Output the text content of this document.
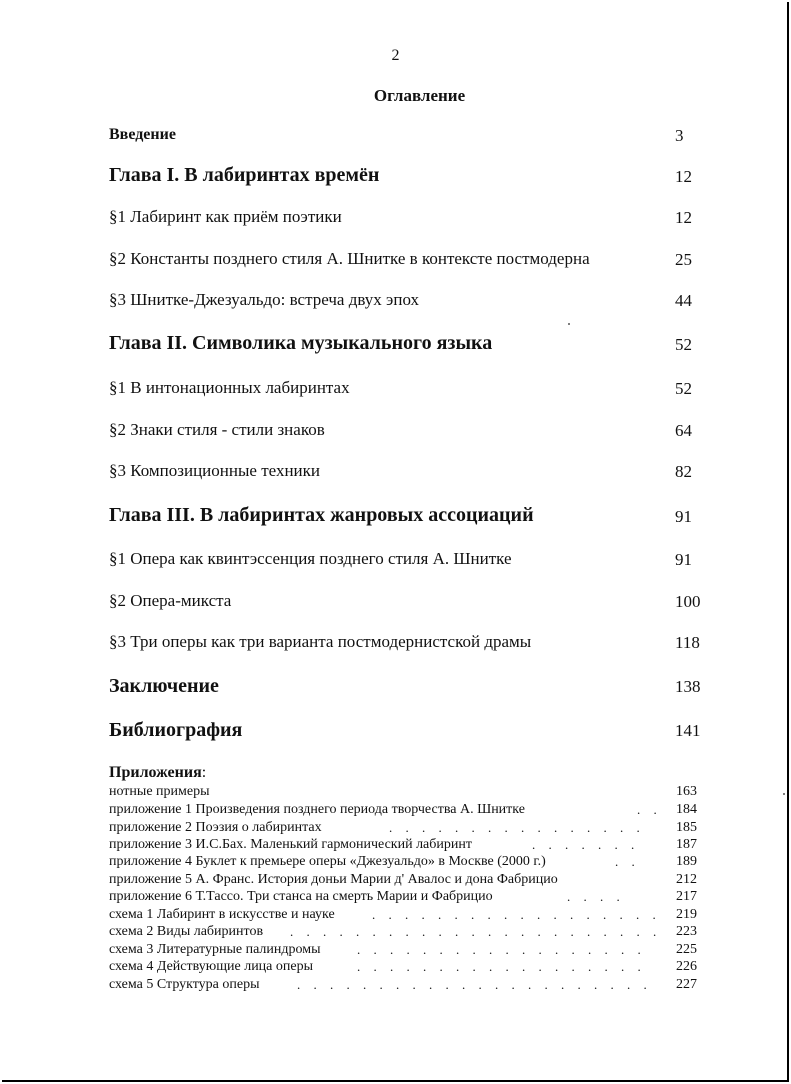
2
Оглавление
Введение	3
Глава I. В лабиринтах времён	12
§1 Лабиринт как приём поэтики	12
§2 Константы позднего стиля А. Шнитке в контексте постмодерна	25
§3 Шнитке-Джезуальдо: встреча двух эпох	44
Глава II. Символика музыкального языка	52
§1 В интонационных лабиринтах	52
§2 Знаки стиля - стили знаков	64
§3 Композиционные техники	82
Глава III. В лабиринтах жанровых ассоциаций	91
§1 Опера как квинтэссенция позднего стиля А. Шнитке	91
§2 Опера-микста	100
§3 Три оперы как три варианта постмодернистской драмы	118
Заключение	138
Библиография	141
Приложения:
нотные примеры	163
приложение 1 Произведения позднего периода творчества А. Шнитке	. . 184
приложение 2 Поэзия о лабиринтах	. . . . . . . . . . . . . . . . 185
приложение 3 И.С.Бах. Маленький гармонический лабиринт	. . . . . . .	187
приложение 4 Буклет к премьере оперы «Джезуальдо» в Москве (2000 г.)	. .	189
приложение 5 А. Франс. История доньи Марии д' Авалос и дона Фабрицио	212
приложение 6 Т.Тассо. Три станса на смерть Марии и Фабрицио	. . . .	217
схема 1 Лабиринт в искусстве и науке	. . . . . . . . . . . . . . . . . . 219
схема 2 Виды лабиринтов . . . . . . . . . . . . . . . . . . . . . . . 223
схема 3 Литературные палиндромы	. . . . . . . . . . . . . . . . . . 225
схема 4 Действующие лица оперы	. . . . . . . . . . . . . . . . . . 226
схема 5 Структура оперы	. . . . . . . . . . . . . . . . . . . . . . 227
